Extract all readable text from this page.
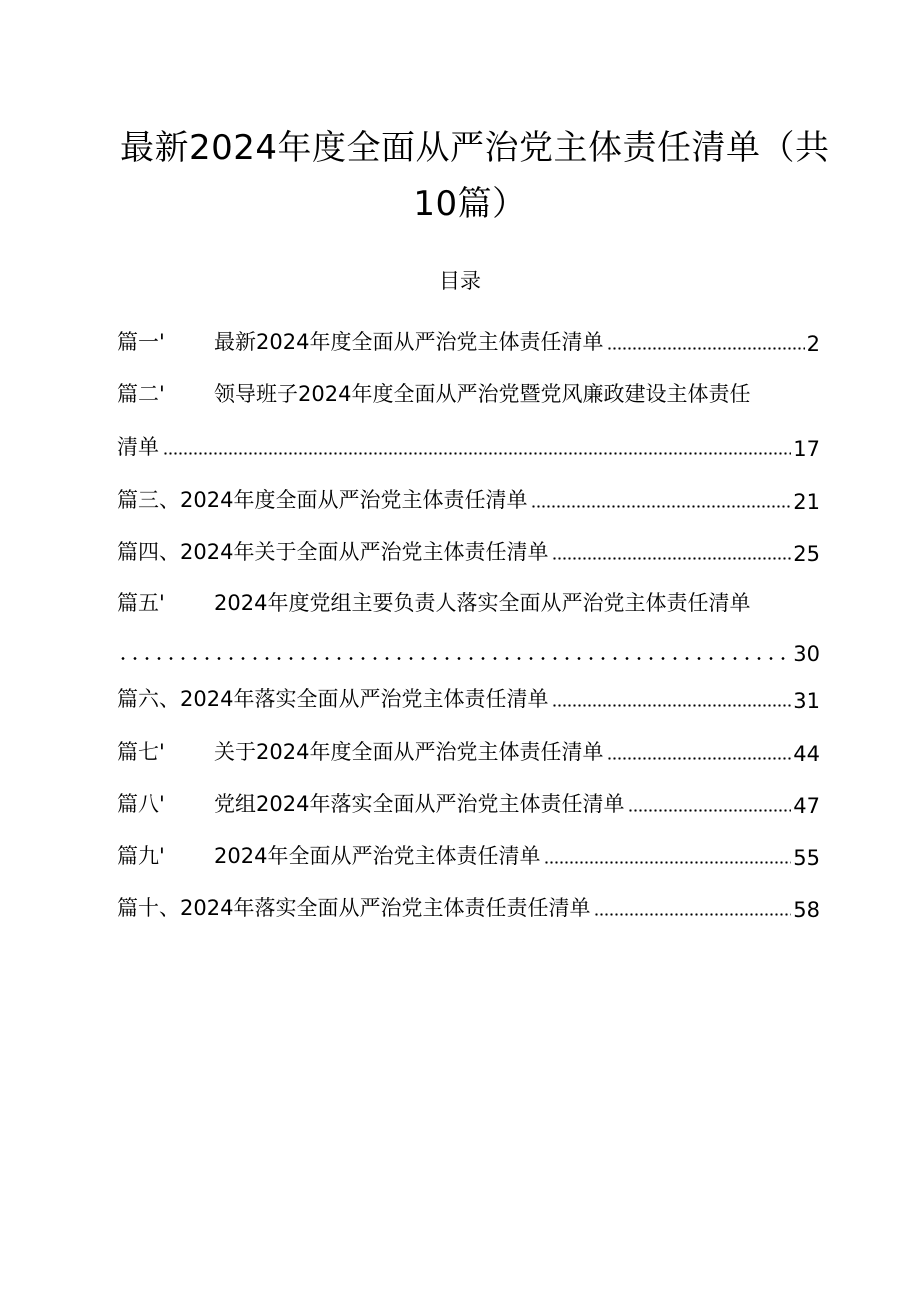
最新2024年度全面从严治党主体责任清单（共
10篇）
目录
篇一'	最新2024年度全面从严治党主体责任清单	2
篇二'	领导班子2024年度全面从严治党暨党风廉政建设主体责任
清单	17
篇三、 2024年度全面从严治党主体责任清单	21
篇四、 2024年关于全面从严治党主体责任清单	25
篇五'	2024年度党组主要负责人落实全面从严治党主体责任清单
30
篇六、 2024年落实全面从严治党主体责任清单	31
篇七'	关于2024年度全面从严治党主体责任清单	44
篇八'	党组2024年落实全面从严治党主体责任清单	47
篇九'	2024年全面从严治党主体责任清单	55
篇十、 2024年落实全面从严治党主体责任责任清单	58
